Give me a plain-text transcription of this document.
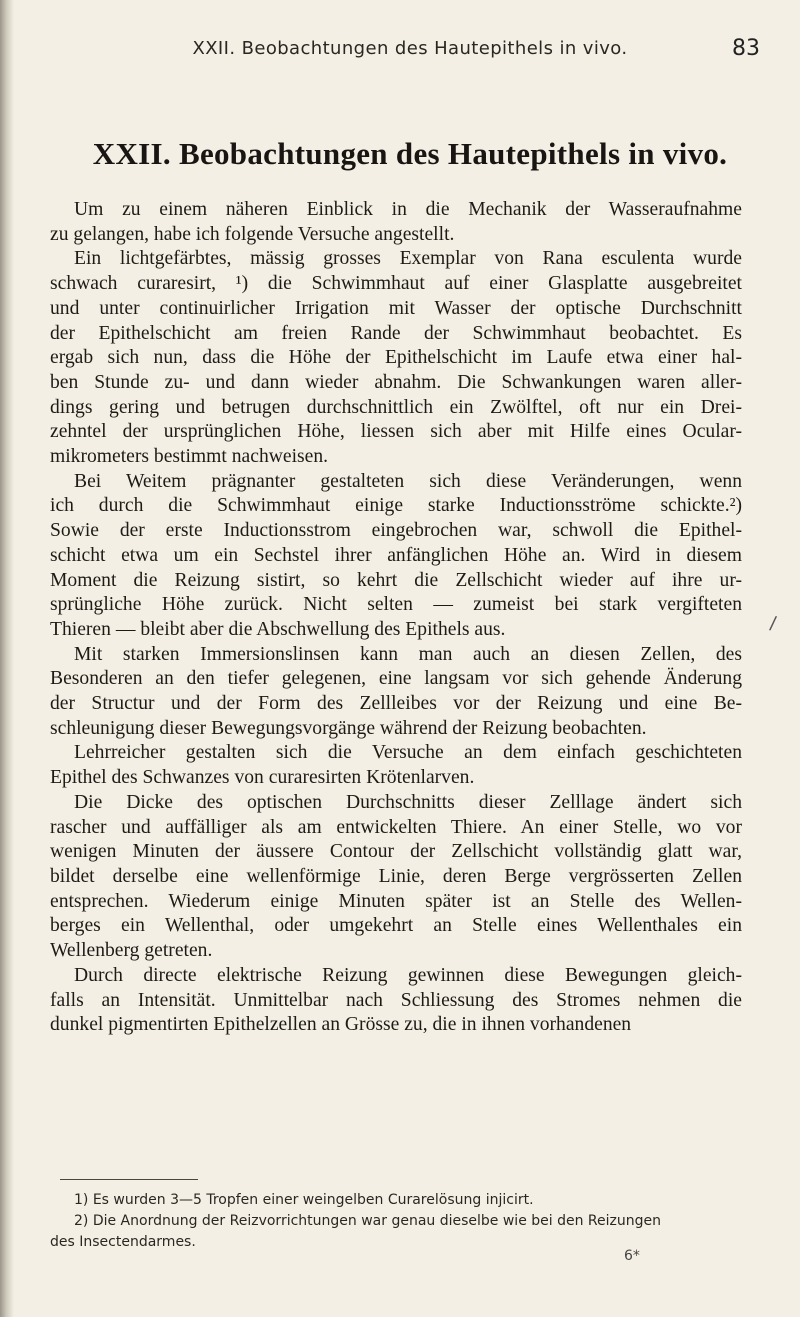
XXII. Beobachtungen des Hautepithels in vivo.	83
XXII. Beobachtungen des Hautepithels in vivo.
Um zu einem näheren Einblick in die Mechanik der Wasseraufnahme
zu gelangen, habe ich folgende Versuche angestellt.
Ein lichtgefärbtes, mässig grosses Exemplar von Rana esculenta wurde
schwach curaresirt, ¹) die Schwimmhaut auf einer Glasplatte ausgebreitet
und unter continuirlicher Irrigation mit Wasser der optische Durchschnitt
der Epithelschicht am freien Rande der Schwimmhaut beobachtet. Es
ergab sich nun, dass die Höhe der Epithelschicht im Laufe etwa einer hal-
ben Stunde zu- und dann wieder abnahm. Die Schwankungen waren aller-
dings gering und betrugen durchschnittlich ein Zwölftel, oft nur ein Drei-
zehntel der ursprünglichen Höhe, liessen sich aber mit Hilfe eines Ocular-
mikrometers bestimmt nachweisen.
Bei Weitem prägnanter gestalteten sich diese Veränderungen, wenn
ich durch die Schwimmhaut einige starke Inductionsströme schickte.²)
Sowie der erste Inductionsstrom eingebrochen war, schwoll die Epithel-
schicht etwa um ein Sechstel ihrer anfänglichen Höhe an. Wird in diesem
Moment die Reizung sistirt, so kehrt die Zellschicht wieder auf ihre ur-
sprüngliche Höhe zurück. Nicht selten — zumeist bei stark vergifteten
Thieren — bleibt aber die Abschwellung des Epithels aus.
Mit starken Immersionslinsen kann man auch an diesen Zellen, des
Besonderen an den tiefer gelegenen, eine langsam vor sich gehende Änderung
der Structur und der Form des Zellleibes vor der Reizung und eine Be-
schleunigung dieser Bewegungsvorgänge während der Reizung beobachten.
Lehrreicher gestalten sich die Versuche an dem einfach geschichteten
Epithel des Schwanzes von curaresirten Krötenlarven.
Die Dicke des optischen Durchschnitts dieser Zelllage ändert sich
rascher und auffälliger als am entwickelten Thiere. An einer Stelle, wo vor
wenigen Minuten der äussere Contour der Zellschicht vollständig glatt war,
bildet derselbe eine wellenförmige Linie, deren Berge vergrösserten Zellen
entsprechen. Wiederum einige Minuten später ist an Stelle des Wellen-
berges ein Wellenthal, oder umgekehrt an Stelle eines Wellenthales ein
Wellenberg getreten.
Durch directe elektrische Reizung gewinnen diese Bewegungen gleich-
falls an Intensität. Unmittelbar nach Schliessung des Stromes nehmen die
dunkel pigmentirten Epithelzellen an Grösse zu, die in ihnen vorhandenen
/
1) Es wurden 3—5 Tropfen einer weingelben Curarelösung injicirt.
2) Die Anordnung der Reizvorrichtungen war genau dieselbe wie bei den Reizungen
des Insectendarmes.
6*
